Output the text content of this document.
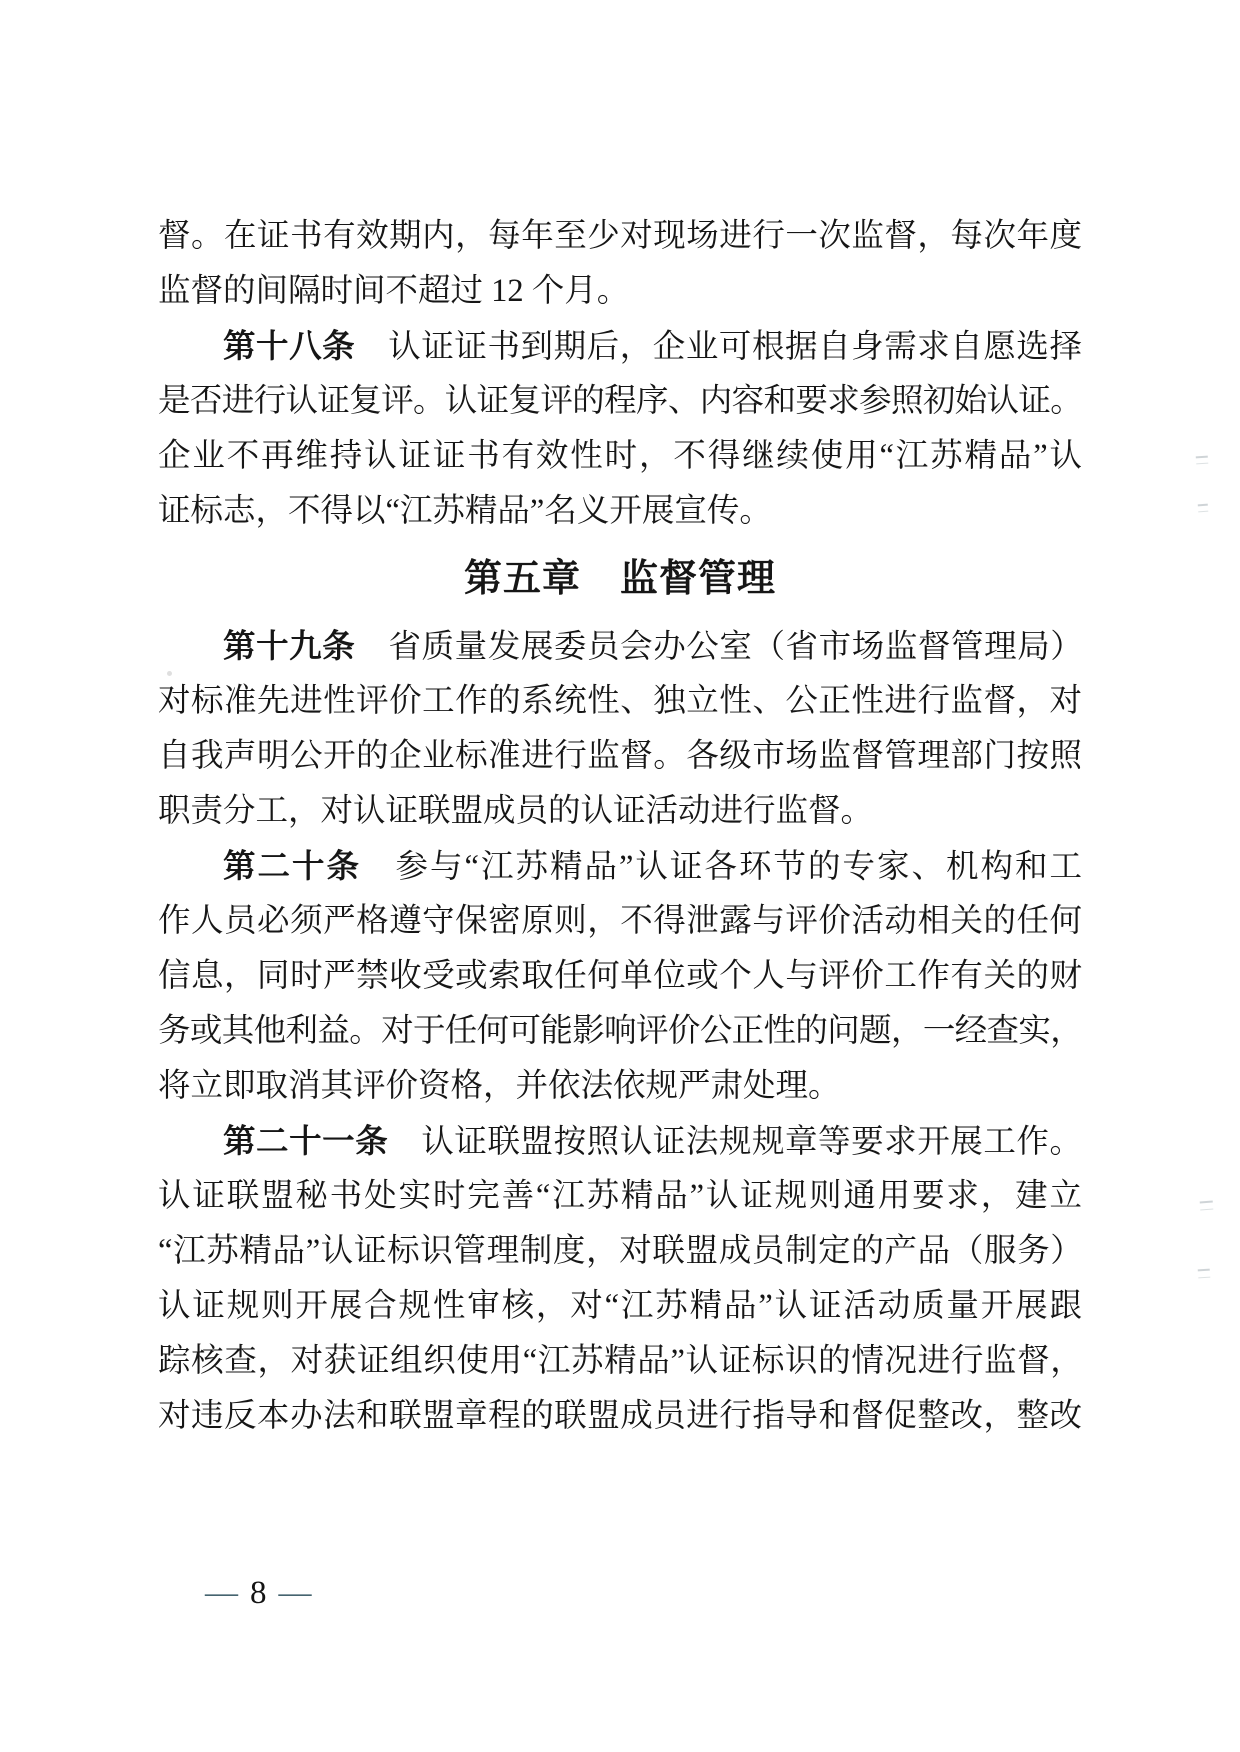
督。在证书有效期内，每年至少对现场进行一次监督，每次年度
监督的间隔时间不超过 12 个月。
第十八条　认证证书到期后，企业可根据自身需求自愿选择
是否进行认证复评。认证复评的程序、内容和要求参照初始认证。
企业不再维持认证证书有效性时，不得继续使用“江苏精品”认
证标志，不得以“江苏精品”名义开展宣传。
第五章　监督管理
第十九条　省质量发展委员会办公室（省市场监督管理局）
对标准先进性评价工作的系统性、独立性、公正性进行监督，对
自我声明公开的企业标准进行监督。各级市场监督管理部门按照
职责分工，对认证联盟成员的认证活动进行监督。
第二十条　参与“江苏精品”认证各环节的专家、机构和工
作人员必须严格遵守保密原则，不得泄露与评价活动相关的任何
信息，同时严禁收受或索取任何单位或个人与评价工作有关的财
务或其他利益。对于任何可能影响评价公正性的问题，一经查实，
将立即取消其评价资格，并依法依规严肃处理。
第二十一条　认证联盟按照认证法规规章等要求开展工作。
认证联盟秘书处实时完善“江苏精品”认证规则通用要求，建立
“江苏精品”认证标识管理制度，对联盟成员制定的产品（服务）
认证规则开展合规性审核，对“江苏精品”认证活动质量开展跟
踪核查，对获证组织使用“江苏精品”认证标识的情况进行监督，
对违反本办法和联盟章程的联盟成员进行指导和督促整改，整改
— 8 —
